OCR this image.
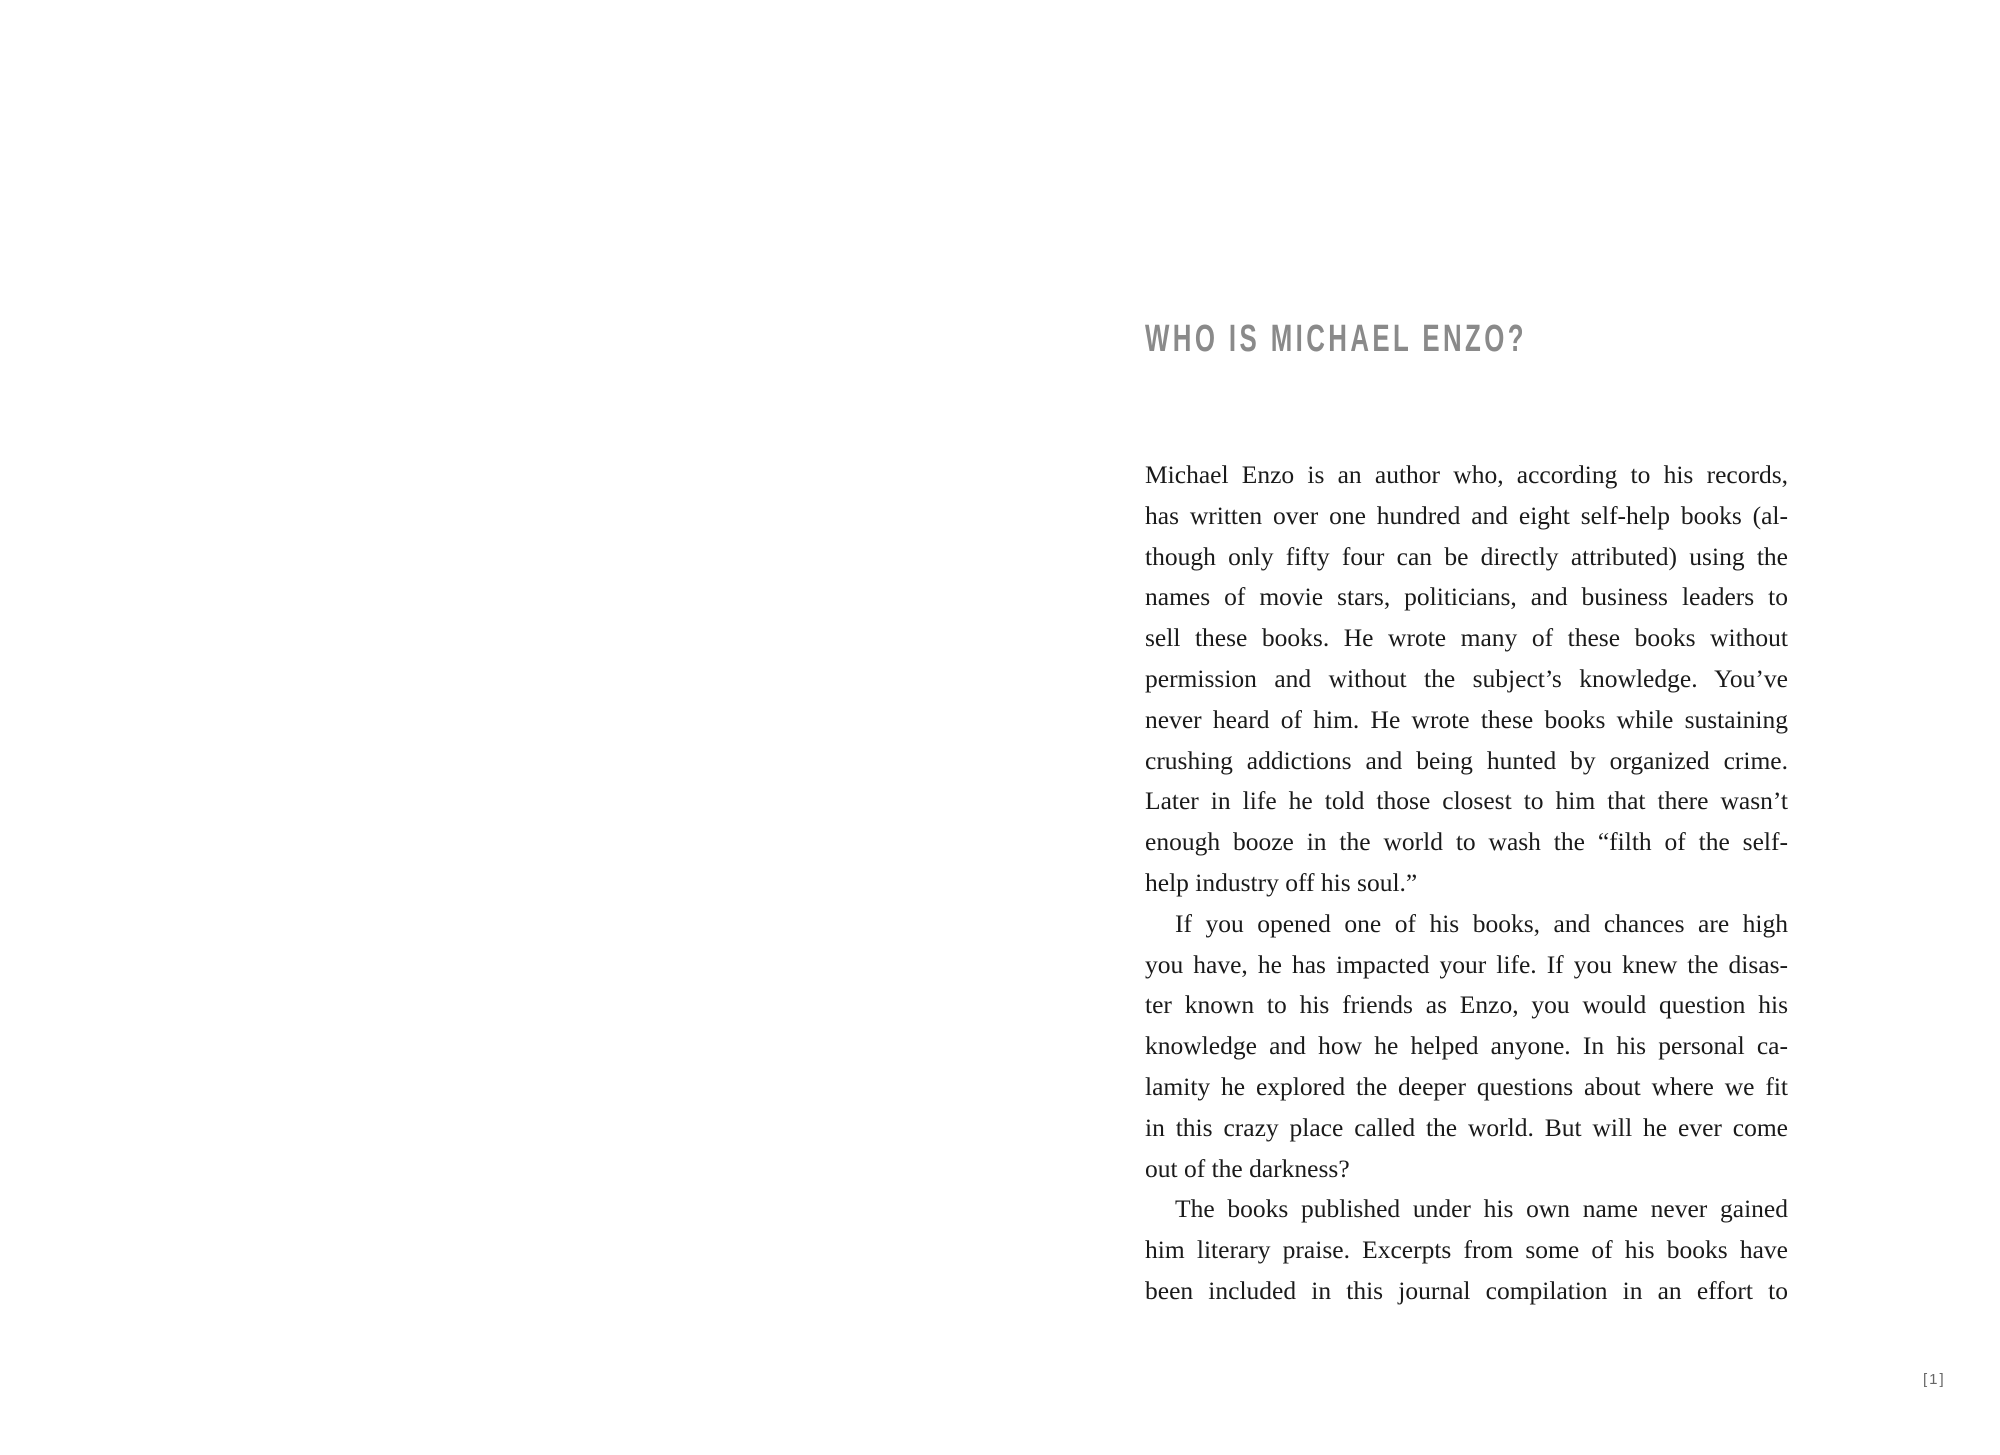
WHO IS MICHAEL ENZO?
Michael Enzo is an author who, according to his records,
has written over one hundred and eight self-help books (al-
though only fifty four can be directly attributed) using the
names of movie stars, politicians, and business leaders to
sell these books. He wrote many of these books without
permission and without the subject’s knowledge. You’ve
never heard of him. He wrote these books while sustaining
crushing addictions and being hunted by organized crime.
Later in life he told those closest to him that there wasn’t
enough booze in the world to wash the “filth of the self-
help industry off his soul.”
If you opened one of his books, and chances are high
you have, he has impacted your life. If you knew the disas-
ter known to his friends as Enzo, you would question his
knowledge and how he helped anyone. In his personal ca-
lamity he explored the deeper questions about where we fit
in this crazy place called the world. But will he ever come
out of the darkness?
The books published under his own name never gained
him literary praise. Excerpts from some of his books have
been included in this journal compilation in an effort to
[1]
